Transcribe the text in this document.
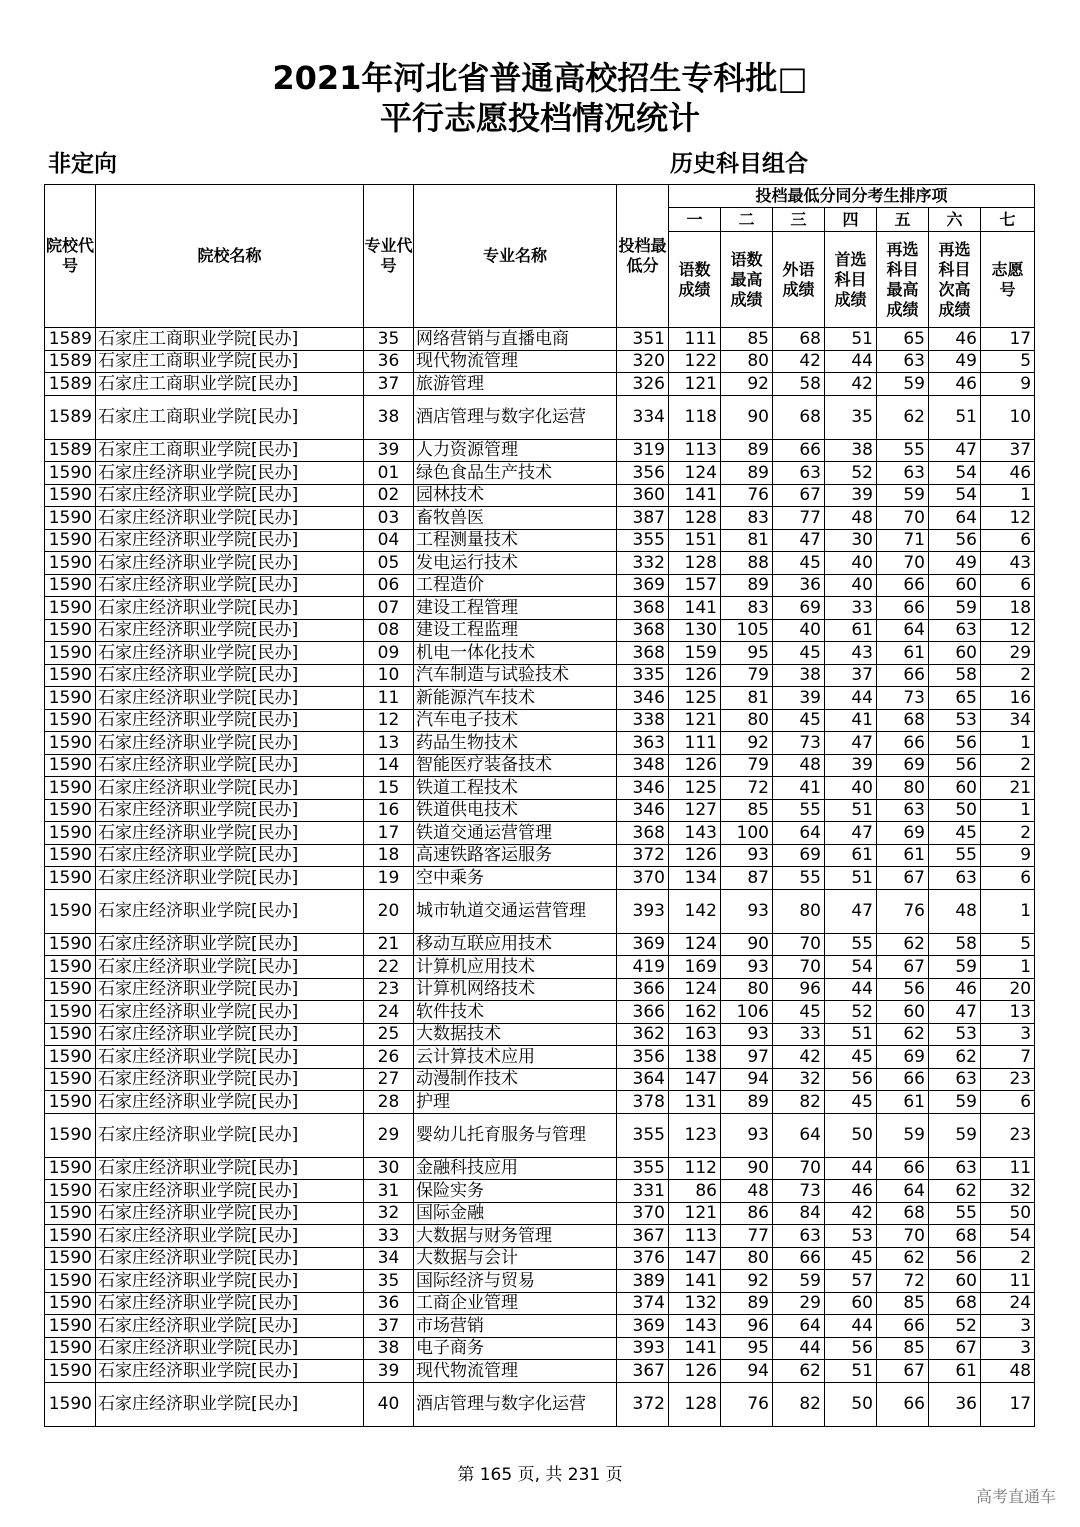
2021年河北省普通高校招生专科批□
平行志愿投档情况统计
非定向	历史科目组合
院校代号	院校名称	专业代号	专业名称	投档最低分	投档最低分同分考生排序项						
					一	二	三	四	五	六	七
					语数成绩	语数最高成绩	外语成绩	首选科目成绩	再选科目最高成绩	再选科目次高成绩	志愿号
1589	石家庄工商职业学院[民办]	35	网络营销与直播电商	351	111	85	68	51	65	46	17
1589	石家庄工商职业学院[民办]	36	现代物流管理	320	122	80	42	44	63	49	5
1589	石家庄工商职业学院[民办]	37	旅游管理	326	121	92	58	42	59	46	9
1589	石家庄工商职业学院[民办]	38	酒店管理与数字化运营	334	118	90	68	35	62	51	10
1589	石家庄工商职业学院[民办]	39	人力资源管理	319	113	89	66	38	55	47	37
1590	石家庄经济职业学院[民办]	01	绿色食品生产技术	356	124	89	63	52	63	54	46
1590	石家庄经济职业学院[民办]	02	园林技术	360	141	76	67	39	59	54	1
1590	石家庄经济职业学院[民办]	03	畜牧兽医	387	128	83	77	48	70	64	12
1590	石家庄经济职业学院[民办]	04	工程测量技术	355	151	81	47	30	71	56	6
1590	石家庄经济职业学院[民办]	05	发电运行技术	332	128	88	45	40	70	49	43
1590	石家庄经济职业学院[民办]	06	工程造价	369	157	89	36	40	66	60	6
1590	石家庄经济职业学院[民办]	07	建设工程管理	368	141	83	69	33	66	59	18
1590	石家庄经济职业学院[民办]	08	建设工程监理	368	130	105	40	61	64	63	12
1590	石家庄经济职业学院[民办]	09	机电一体化技术	368	159	95	45	43	61	60	29
1590	石家庄经济职业学院[民办]	10	汽车制造与试验技术	335	126	79	38	37	66	58	2
1590	石家庄经济职业学院[民办]	11	新能源汽车技术	346	125	81	39	44	73	65	16
1590	石家庄经济职业学院[民办]	12	汽车电子技术	338	121	80	45	41	68	53	34
1590	石家庄经济职业学院[民办]	13	药品生物技术	363	111	92	73	47	66	56	1
1590	石家庄经济职业学院[民办]	14	智能医疗装备技术	348	126	79	48	39	69	56	2
1590	石家庄经济职业学院[民办]	15	铁道工程技术	346	125	72	41	40	80	60	21
1590	石家庄经济职业学院[民办]	16	铁道供电技术	346	127	85	55	51	63	50	1
1590	石家庄经济职业学院[民办]	17	铁道交通运营管理	368	143	100	64	47	69	45	2
1590	石家庄经济职业学院[民办]	18	高速铁路客运服务	372	126	93	69	61	61	55	9
1590	石家庄经济职业学院[民办]	19	空中乘务	370	134	87	55	51	67	63	6
1590	石家庄经济职业学院[民办]	20	城市轨道交通运营管理	393	142	93	80	47	76	48	1
1590	石家庄经济职业学院[民办]	21	移动互联应用技术	369	124	90	70	55	62	58	5
1590	石家庄经济职业学院[民办]	22	计算机应用技术	419	169	93	70	54	67	59	1
1590	石家庄经济职业学院[民办]	23	计算机网络技术	366	124	80	96	44	56	46	20
1590	石家庄经济职业学院[民办]	24	软件技术	366	162	106	45	52	60	47	13
1590	石家庄经济职业学院[民办]	25	大数据技术	362	163	93	33	51	62	53	3
1590	石家庄经济职业学院[民办]	26	云计算技术应用	356	138	97	42	45	69	62	7
1590	石家庄经济职业学院[民办]	27	动漫制作技术	364	147	94	32	56	66	63	23
1590	石家庄经济职业学院[民办]	28	护理	378	131	89	82	45	61	59	6
1590	石家庄经济职业学院[民办]	29	婴幼儿托育服务与管理	355	123	93	64	50	59	59	23
1590	石家庄经济职业学院[民办]	30	金融科技应用	355	112	90	70	44	66	63	11
1590	石家庄经济职业学院[民办]	31	保险实务	331	86	48	73	46	64	62	32
1590	石家庄经济职业学院[民办]	32	国际金融	370	121	86	84	42	68	55	50
1590	石家庄经济职业学院[民办]	33	大数据与财务管理	367	113	77	63	53	70	68	54
1590	石家庄经济职业学院[民办]	34	大数据与会计	376	147	80	66	45	62	56	2
1590	石家庄经济职业学院[民办]	35	国际经济与贸易	389	141	92	59	57	72	60	11
1590	石家庄经济职业学院[民办]	36	工商企业管理	374	132	89	29	60	85	68	24
1590	石家庄经济职业学院[民办]	37	市场营销	369	143	96	64	44	66	52	3
1590	石家庄经济职业学院[民办]	38	电子商务	393	141	95	44	56	85	67	3
1590	石家庄经济职业学院[民办]	39	现代物流管理	367	126	94	62	51	67	61	48
1590	石家庄经济职业学院[民办]	40	酒店管理与数字化运营	372	128	76	82	50	66	36	17
第 165 页, 共 231 页
高考直通车
